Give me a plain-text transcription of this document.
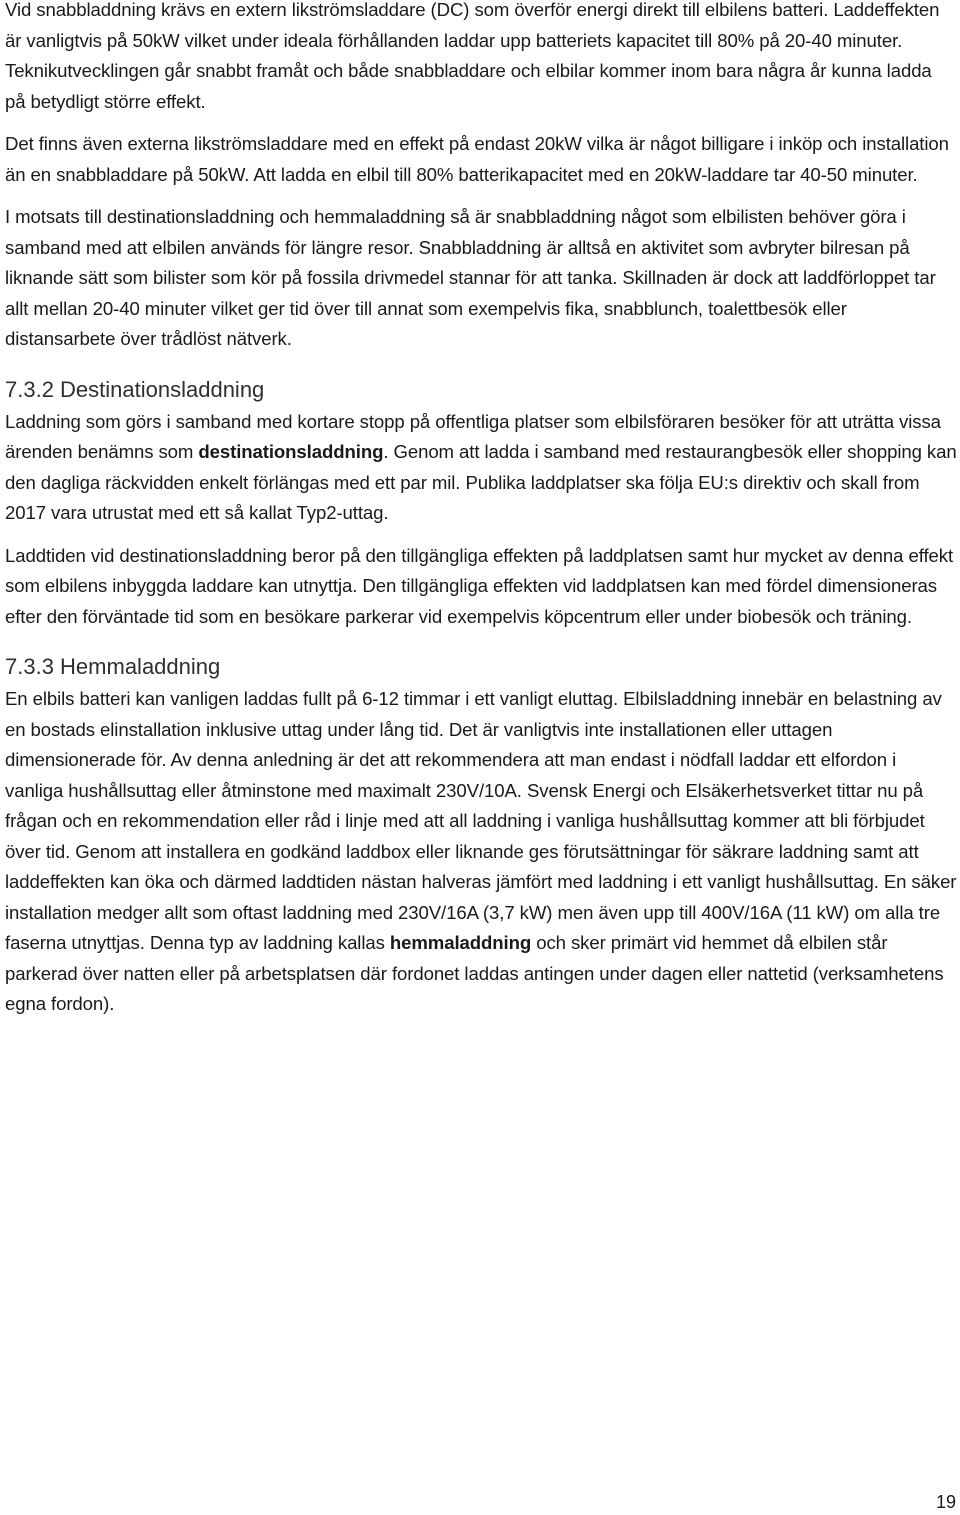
Vid snabbladdning krävs en extern likströmsladdare (DC) som överför energi direkt till elbilens batteri. Laddeffekten är vanligtvis på 50kW vilket under ideala förhållanden laddar upp batteriets kapacitet till 80% på 20-40 minuter. Teknikutvecklingen går snabbt framåt och både snabbladdare och elbilar kommer inom bara några år kunna ladda på betydligt större effekt.

Det finns även externa likströmsladdare med en effekt på endast 20kW vilka är något billigare i inköp och installation än en snabbladdare på 50kW. Att ladda en elbil till 80% batterikapacitet med en 20kW-laddare tar 40-50 minuter.

I motsats till destinationsladdning och hemmaladdning så är snabbladdning något som elbilisten behöver göra i samband med att elbilen används för längre resor. Snabbladdning är alltså en aktivitet som avbryter bilresan på liknande sätt som bilister som kör på fossila drivmedel stannar för att tanka. Skillnaden är dock att laddförloppet tar allt mellan 20-40 minuter vilket ger tid över till annat som exempelvis fika, snabblunch, toalettbesök eller distansarbete över trådlöst nätverk.

7.3.2 Destinationsladdning

Laddning som görs i samband med kortare stopp på offentliga platser som elbilsföraren besöker för att uträtta vissa ärenden benämns som destinationsladdning. Genom att ladda i samband med restaurangbesök eller shopping kan den dagliga räckvidden enkelt förlängas med ett par mil. Publika laddplatser ska följa EU:s direktiv och skall from 2017 vara utrustat med ett så kallat Typ2-uttag.

Laddtiden vid destinationsladdning beror på den tillgängliga effekten på laddplatsen samt hur mycket av denna effekt som elbilens inbyggda laddare kan utnyttja. Den tillgängliga effekten vid laddplatsen kan med fördel dimensioneras efter den förväntade tid som en besökare parkerar vid exempelvis köpcentrum eller under biobesök och träning.

7.3.3 Hemmaladdning

En elbils batteri kan vanligen laddas fullt på 6-12 timmar i ett vanligt eluttag. Elbilsladdning innebär en belastning av en bostads elinstallation inklusive uttag under lång tid. Det är vanligtvis inte installationen eller uttagen dimensionerade för. Av denna anledning är det att rekommendera att man endast i nödfall laddar ett elfordon i vanliga hushållsuttag eller åtminstone med maximalt 230V/10A. Svensk Energi och Elsäkerhetsverket tittar nu på frågan och en rekommendation eller råd i linje med att all laddning i vanliga hushållsuttag kommer att bli förbjudet över tid. Genom att installera en godkänd laddbox eller liknande ges förutsättningar för säkrare laddning samt att laddeffekten kan öka och därmed laddtiden nästan halveras jämfört med laddning i ett vanligt hushållsuttag. En säker installation medger allt som oftast laddning med 230V/16A (3,7 kW) men även upp till 400V/16A (11 kW) om alla tre faserna utnyttjas. Denna typ av laddning kallas hemmaladdning och sker primärt vid hemmet då elbilen står parkerad över natten eller på arbetsplatsen där fordonet laddas antingen under dagen eller nattetid (verksamhetens egna fordon).

19
